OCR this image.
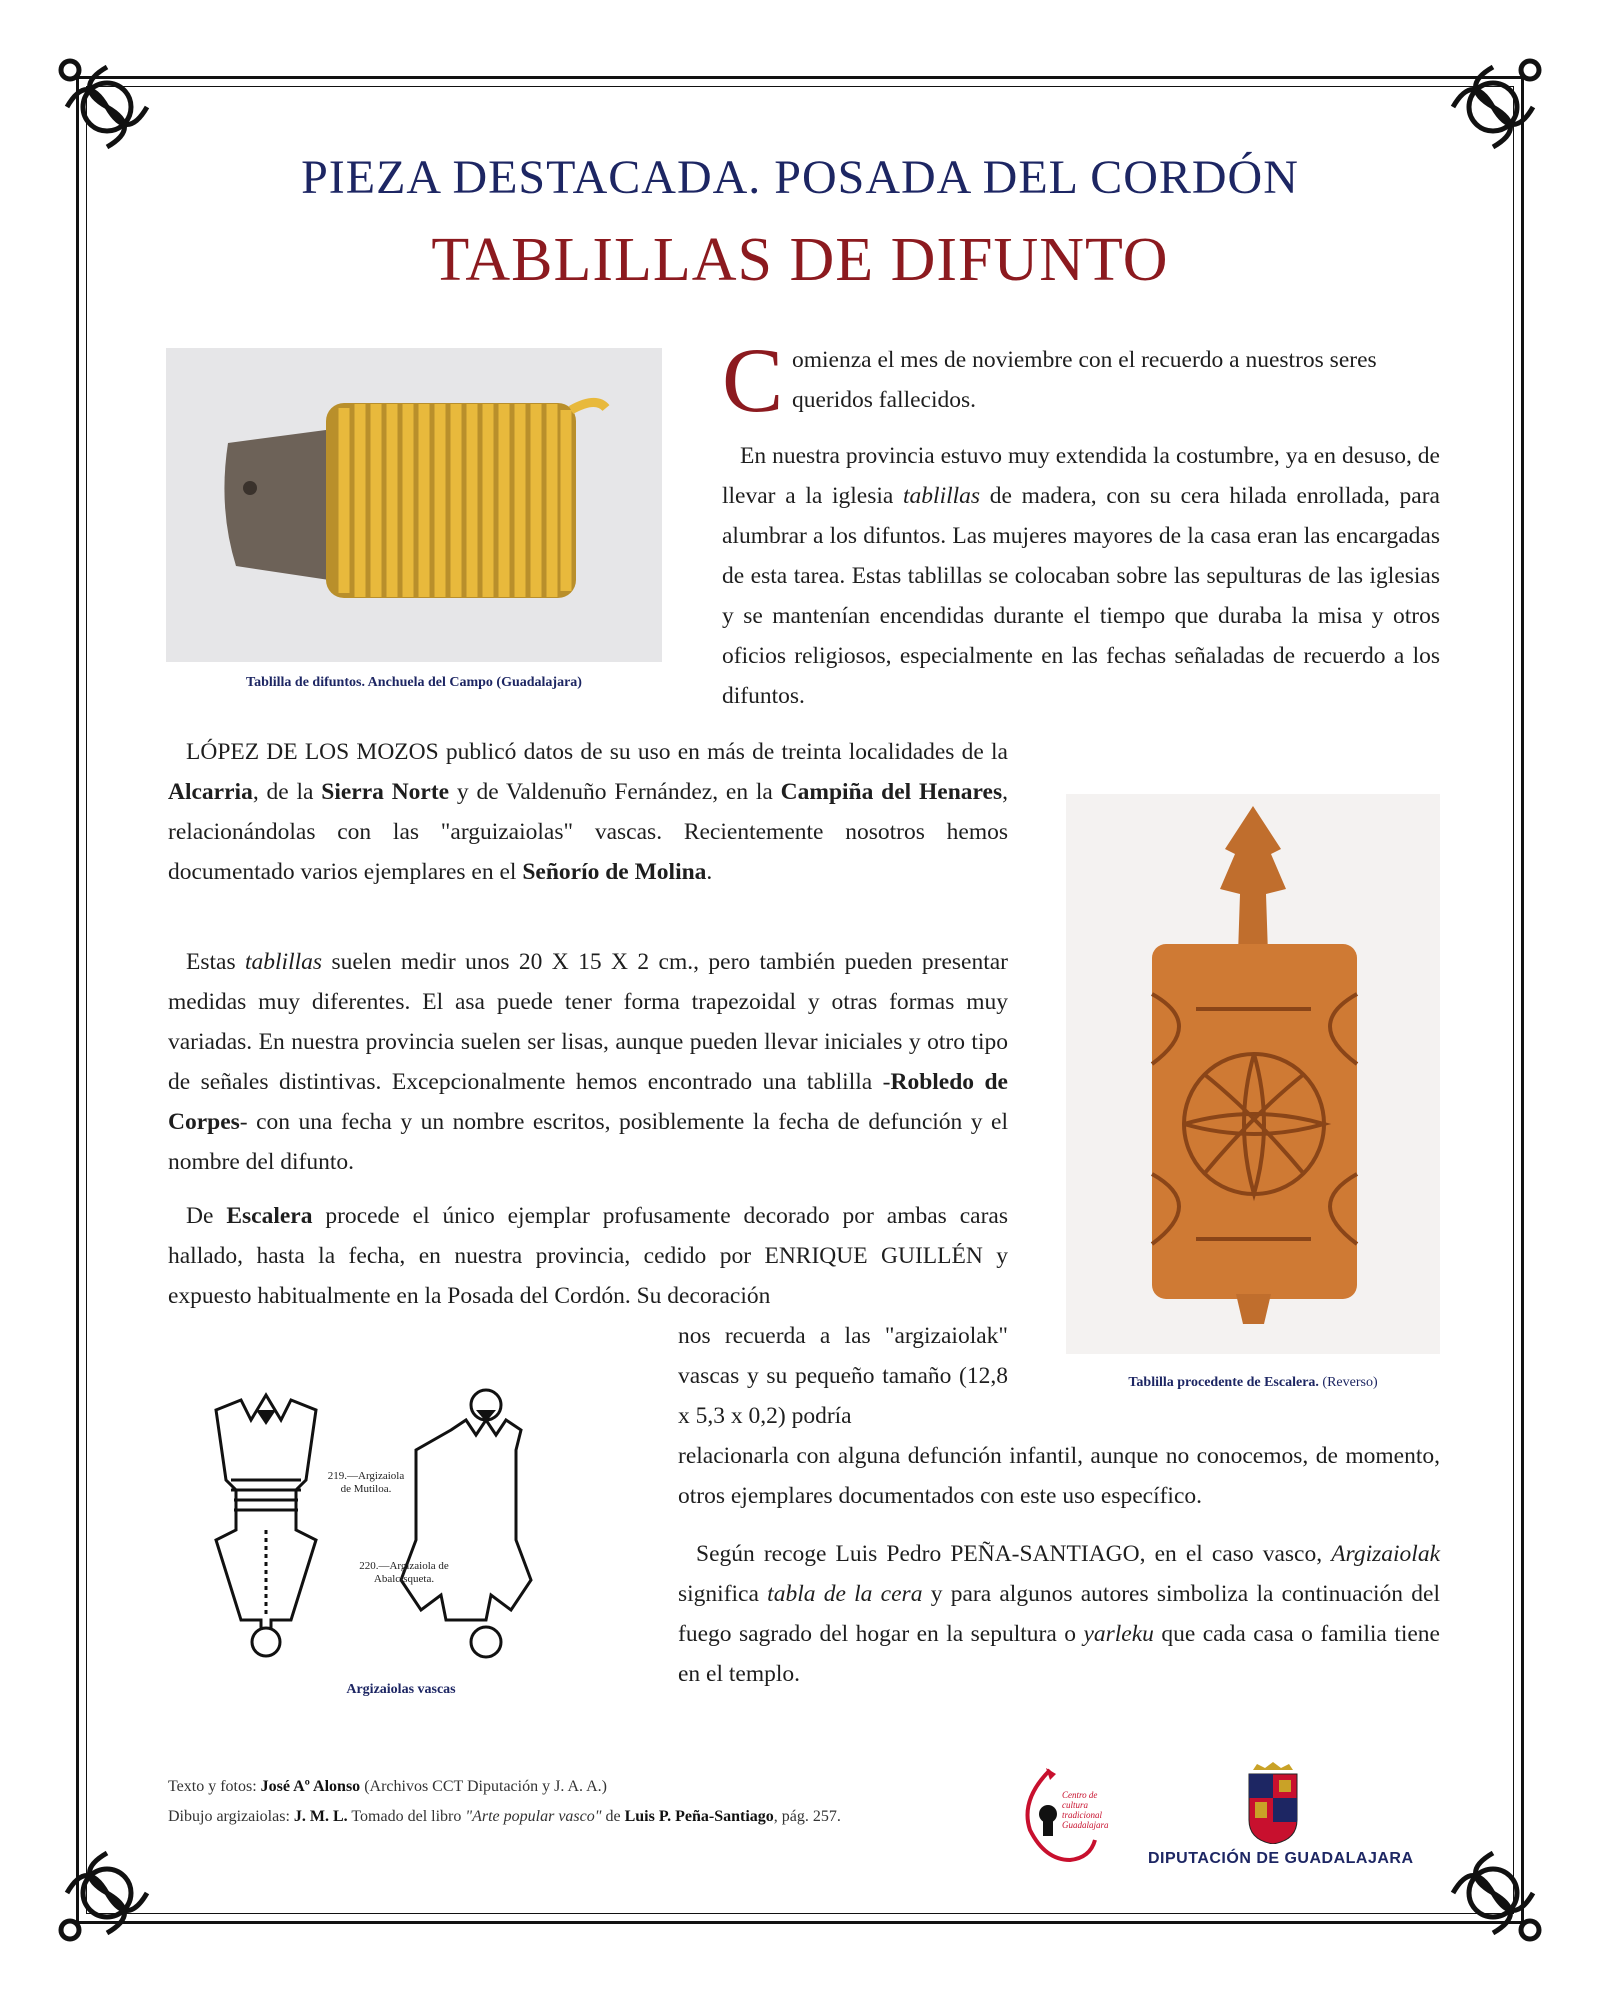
PIEZA DESTACADA. POSADA DEL CORDÓN
TABLILLAS DE DIFUNTO
Tablilla de difuntos. Anchuela del Campo (Guadalajara)
C omienza el mes de noviembre con el recuerdo a nuestros seres queridos fallecidos.

En nuestra provincia estuvo muy extendida la costumbre, ya en desuso, de llevar a la iglesia tablillas de madera, con su cera hilada enrollada, para alumbrar a los difuntos. Las mujeres mayores de la casa eran las encargadas de esta tarea. Estas tablillas se colocaban sobre las sepulturas de las iglesias y se mantenían encendidas durante el tiempo que duraba la misa y otros oficios religiosos, especialmente en las fechas señaladas de recuerdo a los difuntos.

LÓPEZ DE LOS MOZOS publicó datos de su uso en más de treinta localidades de la Alcarria, de la Sierra Norte y de Valdenuño Fernández, en la Campiña del Henares, relacionándolas con las "arguizaiolas" vascas. Recientemente nosotros hemos documentado varios ejemplares en el Señorío de Molina.

Tablilla procedente de Escalera. (Reverso)

Estas tablillas suelen medir unos 20 X 15 X 2 cm., pero también pueden presentar medidas muy diferentes. El asa puede tener forma trapezoidal y otras formas muy variadas. En nuestra provincia suelen ser lisas, aunque pueden llevar iniciales y otro tipo de señales distintivas. Excepcionalmente hemos encontrado una tablilla -Robledo de Corpes- con una fecha y un nombre escritos, posiblemente la fecha de defunción y el nombre del difunto.

De Escalera procede el único ejemplar profusamente decorado por ambas caras hallado, hasta la fecha, en nuestra provincia, cedido por ENRIQUE GUILLÉN y expuesto habitualmente en la Posada del Cordón. Su decoración

nos recuerda a las "argizaiolak" vascas y su pequeño tamaño (12,8 x 5,3 x 0,2) podría

relacionarla con alguna defunción infantil, aunque no conocemos, de momento, otros ejemplares documentados con este uso específico.

219.—Argizaiola de Mutiloa.
220.—Argizaiola de Abalcisqueta.
Argizaiolas vascas

Según recoge Luis Pedro PEÑA-SANTIAGO, en el caso vasco, Argizaiolak significa tabla de la cera y para algunos autores simboliza la continuación del fuego sagrado del hogar en la sepultura o yarleku que cada casa o familia tiene en el templo.

Texto y fotos: José Aº Alonso (Archivos CCT Diputación y J. A. A.)
Dibujo argizaiolas: J. M. L. Tomado del libro "Arte popular vasco" de Luis P. Peña-Santiago, pág. 257.
Centro de cultura tradicional Guadalajara
DIPUTACIÓN DE GUADALAJARA
